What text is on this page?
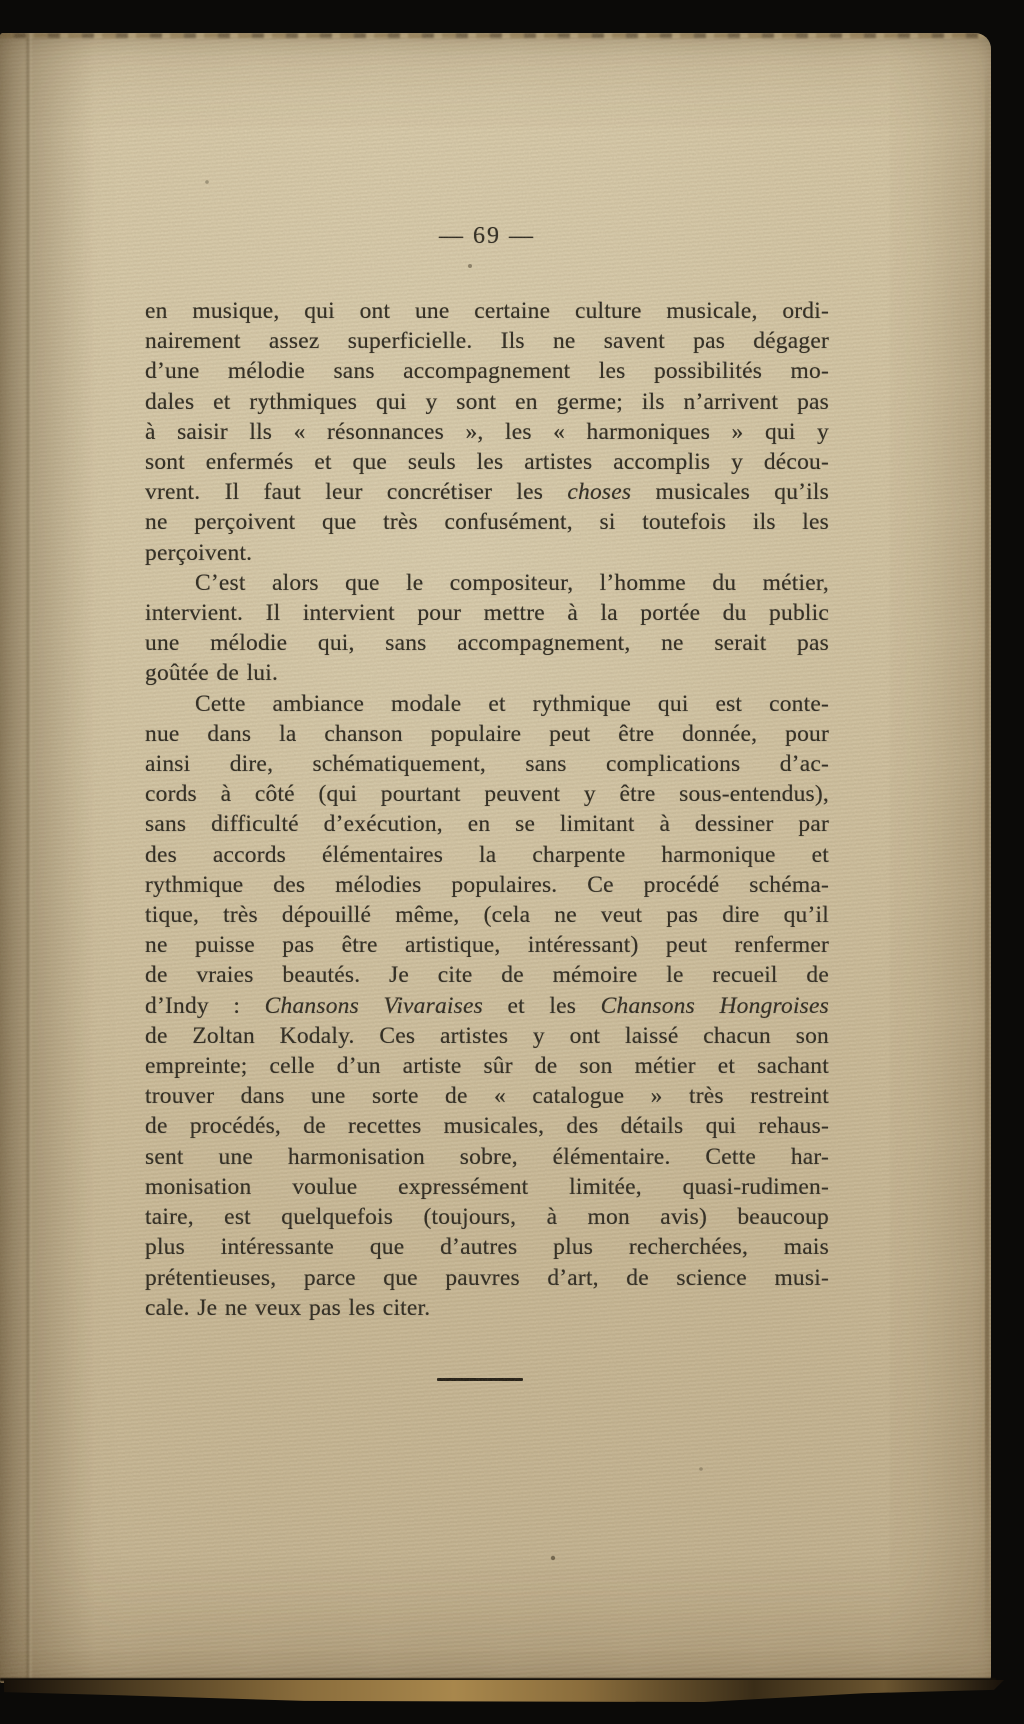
— 69 —
en musique, qui ont une certaine culture musicale, ordi-
nairement assez superficielle. Ils ne savent pas dégager
d’une mélodie sans accompagnement les possibilités mo-
dales et rythmiques qui y sont en germe; ils n’arrivent pas
à saisir lls « résonnances », les « harmoniques » qui y
sont enfermés et que seuls les artistes accomplis y décou-
vrent. Il faut leur concrétiser les choses musicales qu’ils
ne perçoivent que très confusément, si toutefois ils les
perçoivent.
C’est alors que le compositeur, l’homme du métier,
intervient. Il intervient pour mettre à la portée du public
une mélodie qui, sans accompagnement, ne serait pas
goûtée de lui.
Cette ambiance modale et rythmique qui est conte-
nue dans la chanson populaire peut être donnée, pour
ainsi dire, schématiquement, sans complications d’ac-
cords à côté (qui pourtant peuvent y être sous-entendus),
sans difficulté d’exécution, en se limitant à dessiner par
des accords élémentaires la charpente harmonique et
rythmique des mélodies populaires. Ce procédé schéma-
tique, très dépouillé même, (cela ne veut pas dire qu’il
ne puisse pas être artistique, intéressant) peut renfermer
de vraies beautés. Je cite de mémoire le recueil de
d’Indy : Chansons Vivaraises et les Chansons Hongroises
de Zoltan Kodaly. Ces artistes y ont laissé chacun son
empreinte; celle d’un artiste sûr de son métier et sachant
trouver dans une sorte de « catalogue » très restreint
de procédés, de recettes musicales, des détails qui rehaus-
sent une harmonisation sobre, élémentaire. Cette har-
monisation voulue expressément limitée, quasi-rudimen-
taire, est quelquefois (toujours, à mon avis) beaucoup
plus intéressante que d’autres plus recherchées, mais
prétentieuses, parce que pauvres d’art, de science musi-
cale. Je ne veux pas les citer.
